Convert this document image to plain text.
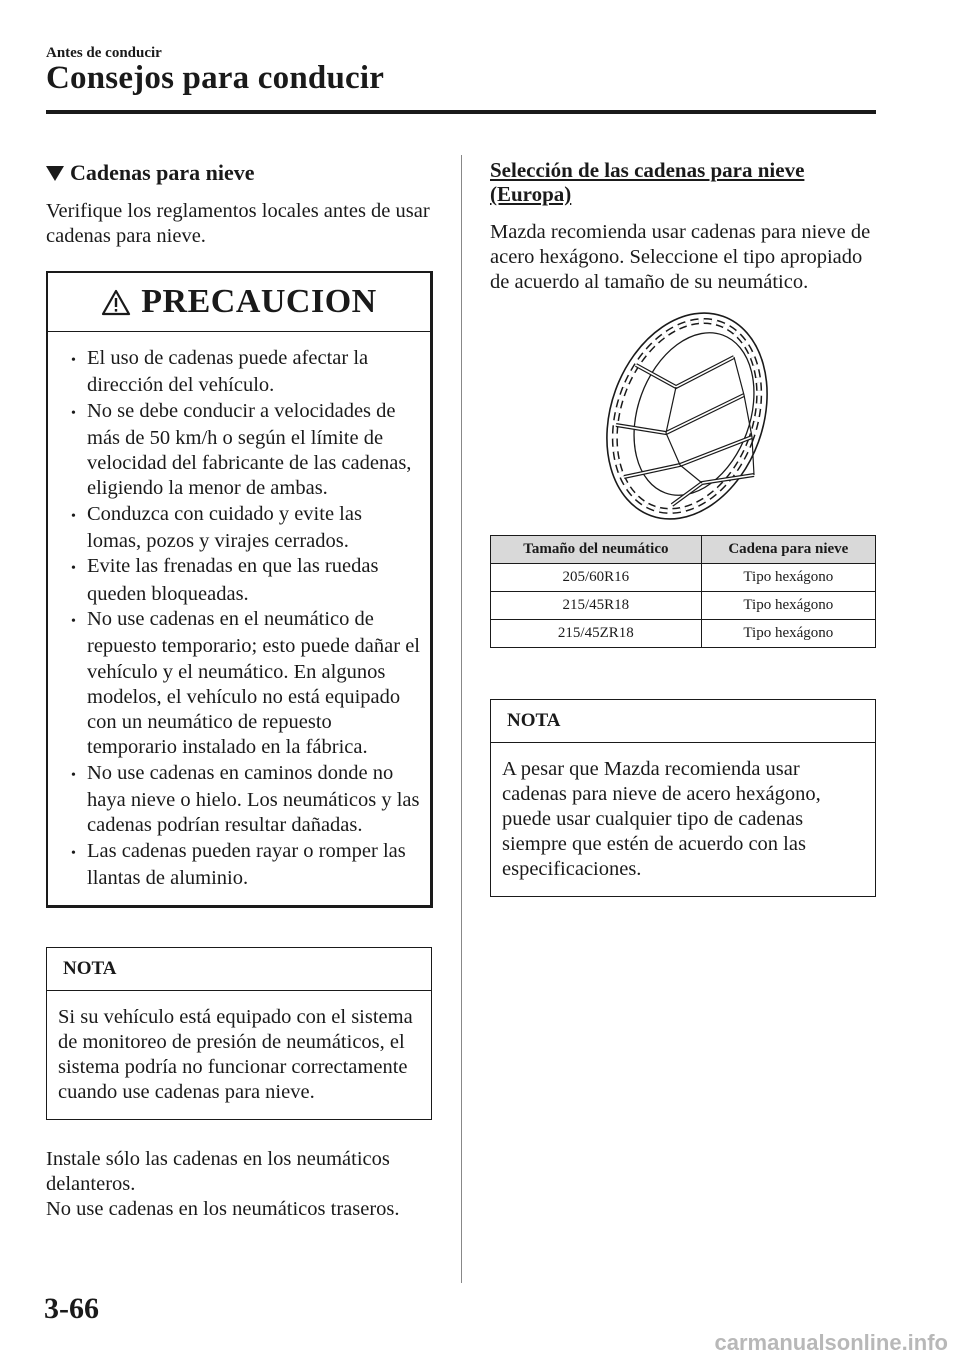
Antes de conducir
Consejos para conducir
Cadenas para nieve

Verifique los reglamentos locales antes de usar cadenas para nieve.

PRECAUCION
• El uso de cadenas puede afectar la dirección del vehículo.
• No se debe conducir a velocidades de más de 50 km/h o según el límite de velocidad del fabricante de las cadenas, eligiendo la menor de ambas.
• Conduzca con cuidado y evite las lomas, pozos y virajes cerrados.
• Evite las frenadas en que las ruedas queden bloqueadas.
• No use cadenas en el neumático de repuesto temporario; esto puede dañar el vehículo y el neumático. En algunos modelos, el vehículo no está equipado con un neumático de repuesto temporario instalado en la fábrica.
• No use cadenas en caminos donde no haya nieve o hielo. Los neumáticos y las cadenas podrían resultar dañadas.
• Las cadenas pueden rayar o romper las llantas de aluminio.
NOTA

Si su vehículo está equipado con el sistema de monitoreo de presión de neumáticos, el sistema podría no funcionar correctamente cuando use cadenas para nieve.

Instale sólo las cadenas en los neumáticos delanteros.

No use cadenas en los neumáticos traseros.

Selección de las cadenas para nieve (Europa)

Mazda recomienda usar cadenas para nieve de acero hexágono. Seleccione el tipo apropiado de acuerdo al tamaño de su neumático.

Tamaño del neumático	Cadena para nieve
205/60R16	Tipo hexágono
215/45R18	Tipo hexágono
215/45ZR18	Tipo hexágono
NOTA

A pesar que Mazda recomienda usar cadenas para nieve de acero hexágono, puede usar cualquier tipo de cadenas siempre que estén de acuerdo con las especificaciones.

3-66
carmanualsonline.info
